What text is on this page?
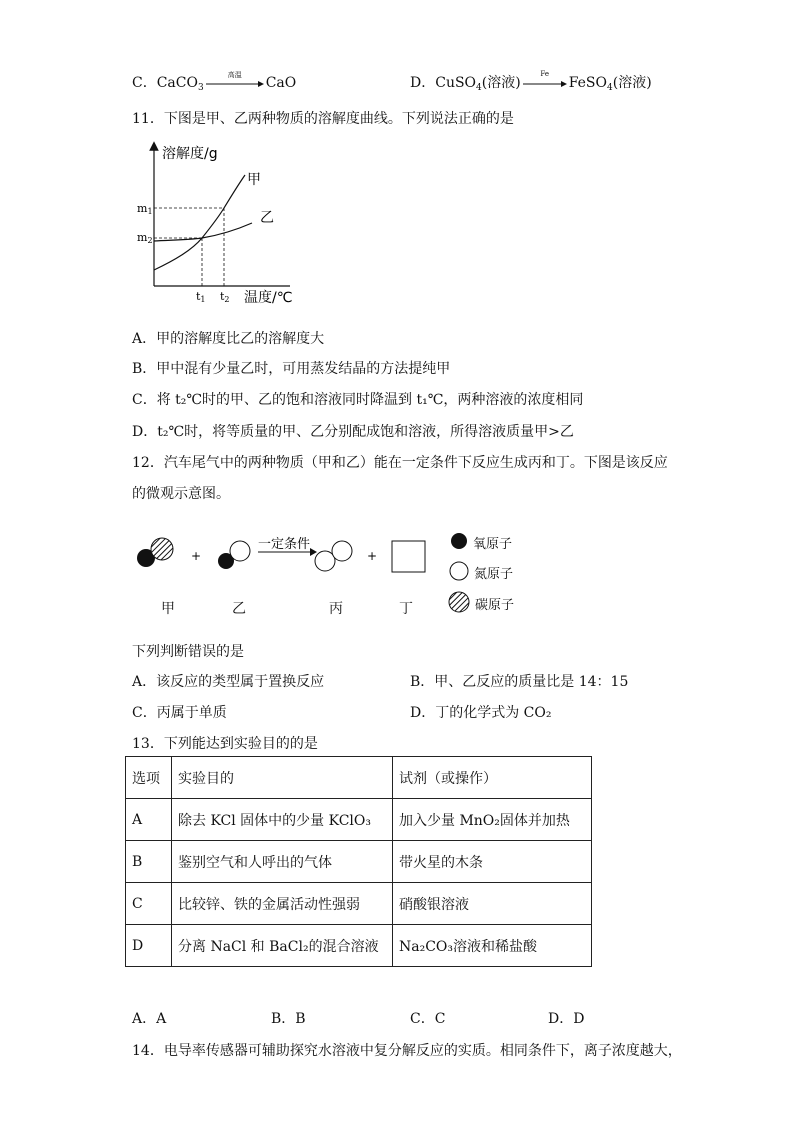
C．CaCO$_3$
高温	CaO	D．CuSO$_4$(溶液)
Fe
FeSO$_4$(溶液)
11．下图是甲、乙两种物质的溶解度曲线。下列说法正确的是
溶解度/g
甲
乙
m1
m2
t1 t2 温度/℃
A．甲的溶解度比乙的溶解度大
B．甲中混有少量乙时，可用蒸发结晶的方法提纯甲
C．将 t₂℃时的甲、乙的饱和溶液同时降温到 t₁℃，两种溶液的浓度相同
D．t₂℃时，将等质量的甲、乙分别配成饱和溶液，所得溶液质量甲>乙
12．汽车尾气中的两种物质（甲和乙）能在一定条件下反应生成丙和丁。下图是该反应
的微观示意图。
+
一定条件
+
氧原子
氮原子
碳原子
甲	乙	丙	丁
下列判断错误的是
A．该反应的类型属于置换反应	B．甲、乙反应的质量比是 14：15
C．丙属于单质	D．丁的化学式为 CO₂
13．下列能达到实验目的的是
选项	实验目的	试剂（或操作）
A	除去 KCl 固体中的少量 KClO₃	加入少量 MnO₂固体并加热
B	鉴别空气和人呼出的气体	带火星的木条
C	比较锌、铁的金属活动性强弱	硝酸银溶液
D	分离 NaCl 和 BaCl₂的混合溶液	Na₂CO₃溶液和稀盐酸
A．A	B．B	C．C	D．D
14．电导率传感器可辅助探究水溶液中复分解反应的实质。相同条件下，离子浓度越大，
